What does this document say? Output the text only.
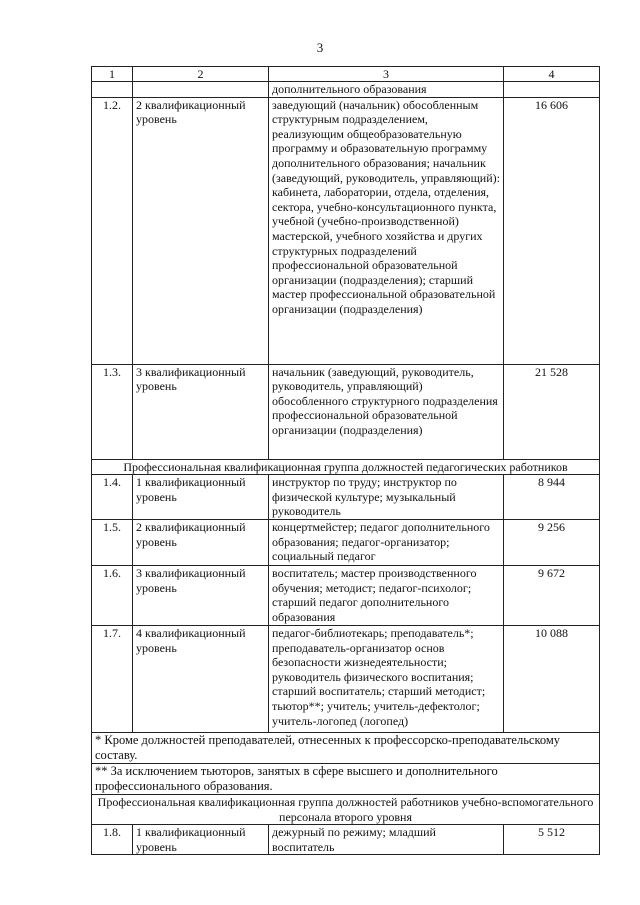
3
1	2	3	4
		дополнительного образования	
1.2.	2 квалификационный уровень	заведующий (начальник) обособленным структурным подразделением, реализующим общеобразовательную программу и образовательную программу дополнительного образования; начальник (заведующий, руководитель, управляющий): кабинета, лаборатории, отдела, отделения, сектора, учебно-консультационного пункта, учебной (учебно-производственной) мастерской, учебного хозяйства и других структурных подразделений профессиональной образовательной организации (подразделения); старший мастер профессиональной образовательной организации (подразделения)	16 606
1.3.	3 квалификационный уровень	начальник (заведующий, руководитель, руководитель, управляющий) обособленного структурного подразделения профессиональной образовательной организации (подразделения)	21 528
Профессиональная квалификационная группа должностей педагогических работников			
1.4.	1 квалификационный уровень	инструктор по труду; инструктор по физической культуре; музыкальный руководитель	8 944
1.5.	2 квалификационный уровень	концертмейстер; педагог дополнительного образования; педагог-организатор; социальный педагог	9 256
1.6.	3 квалификационный уровень	воспитатель; мастер производственного обучения; методист; педагог-психолог; старший педагог дополнительного образования	9 672
1.7.	4 квалификационный уровень	педагог-библиотекарь; преподаватель*; преподаватель-организатор основ безопасности жизнедеятельности; руководитель физического воспитания; старший воспитатель; старший методист; тьютор**; учитель; учитель-дефектолог; учитель-логопед (логопед)	10 088
* Кроме должностей преподавателей, отнесенных к профессорско-преподавательскому составу.			
** За исключением тьюторов, занятых в сфере высшего и дополнительного профессионального образования.			
Профессиональная квалификационная группа должностей работников учебно-вспомогательного персонала второго уровня			
1.8.	1 квалификационный уровень	дежурный по режиму; младший воспитатель	5 512
